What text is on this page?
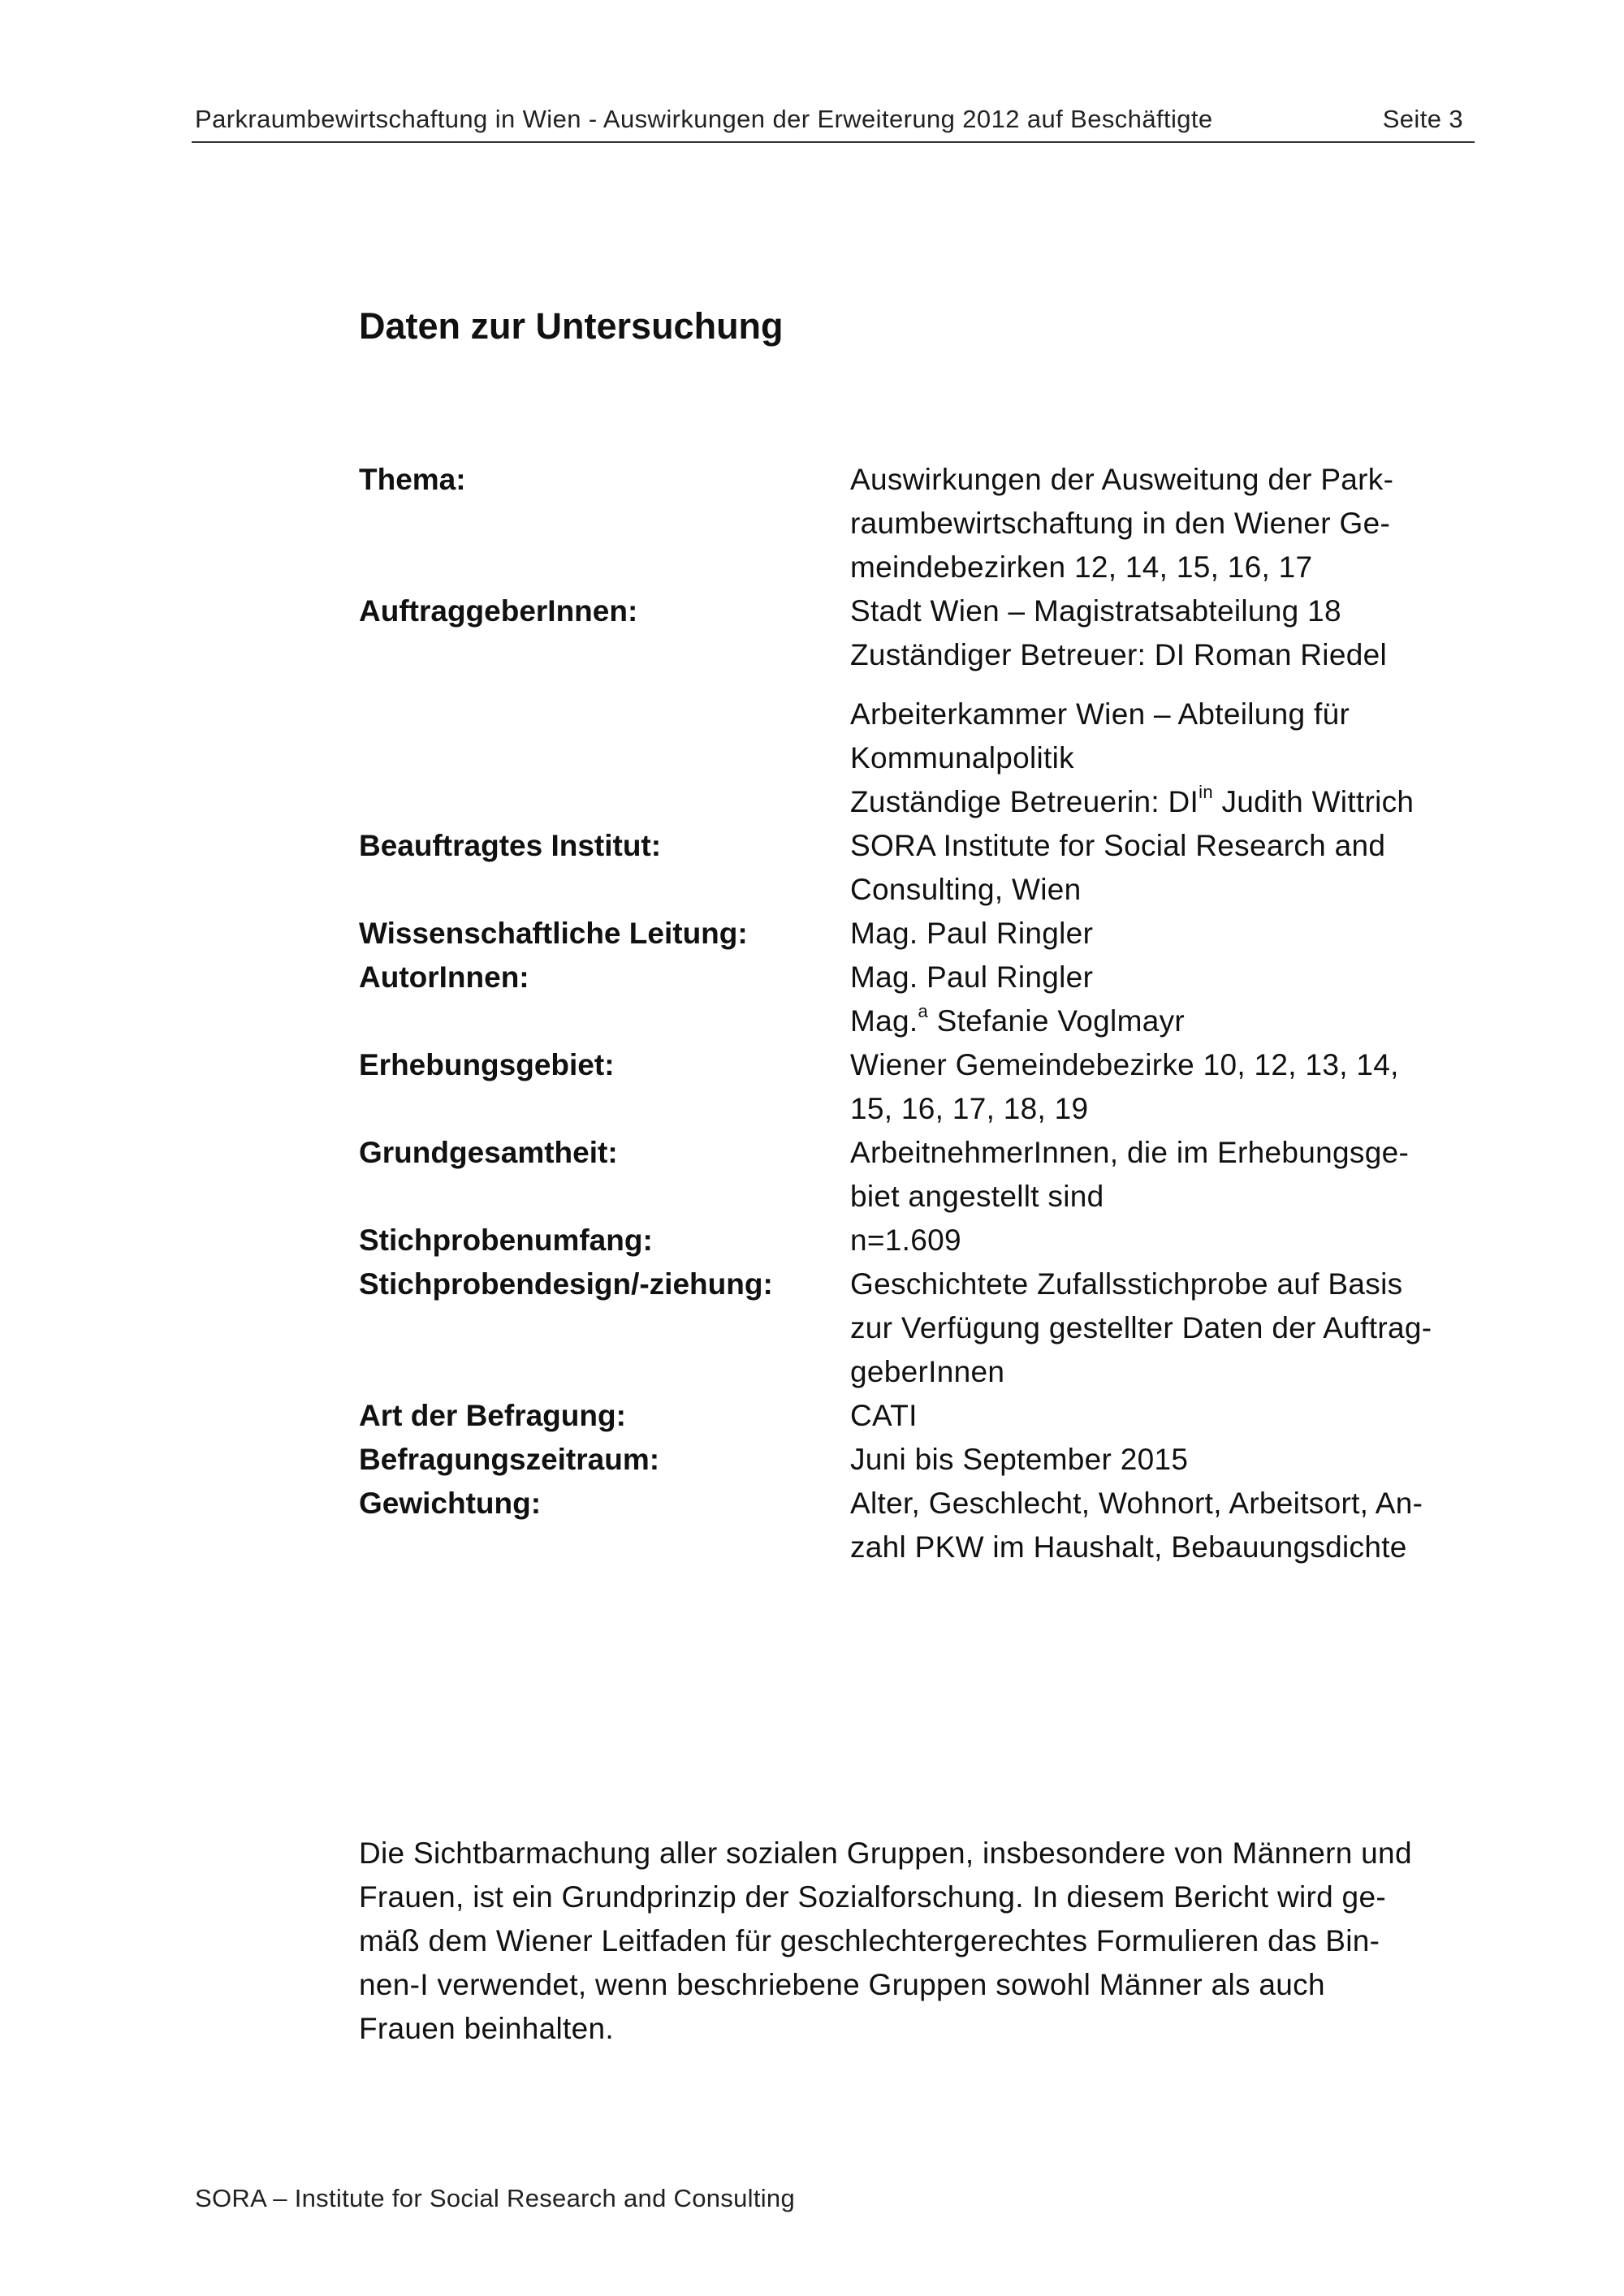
Parkraumbewirtschaftung in Wien - Auswirkungen der Erweiterung 2012 auf Beschäftigte	Seite 3
Daten zur Untersuchung
Thema:	Auswirkungen der Ausweitung der Park-
raumbewirtschaftung in den Wiener Ge-
meindebezirken 12, 14, 15, 16, 17
AuftraggeberInnen:	Stadt Wien – Magistratsabteilung 18
Zuständiger Betreuer: DI Roman Riedel
Arbeiterkammer Wien – Abteilung für
Kommunalpolitik
Zuständige Betreuerin: $DI^{in}$ Judith Wittrich
Beauftragtes Institut:	SORA Institute for Social Research and
Consulting, Wien
Wissenschaftliche Leitung:	Mag. Paul Ringler
AutorInnen:	Mag. Paul Ringler
Mag.$^a$ Stefanie Voglmayr
Erhebungsgebiet:	Wiener Gemeindebezirke 10, 12, 13, 14,
15, 16, 17, 18, 19
Grundgesamtheit:	ArbeitnehmerInnen, die im Erhebungsge-
biet angestellt sind
Stichprobenumfang:	n=1.609
Stichprobendesign/-ziehung:	Geschichtete Zufallsstichprobe auf Basis
zur Verfügung gestellter Daten der Auftrag-
geberInnen
Art der Befragung:	CATI
Befragungszeitraum:	Juni bis September 2015
Gewichtung:	Alter, Geschlecht, Wohnort, Arbeitsort, An-
zahl PKW im Haushalt, Bebauungsdichte
Die Sichtbarmachung aller sozialen Gruppen, insbesondere von Männern und
Frauen, ist ein Grundprinzip der Sozialforschung. In diesem Bericht wird ge-
mäß dem Wiener Leitfaden für geschlechtergerechtes Formulieren das Bin-
nen-I verwendet, wenn beschriebene Gruppen sowohl Männer als auch
Frauen beinhalten.
SORA – Institute for Social Research and Consulting
